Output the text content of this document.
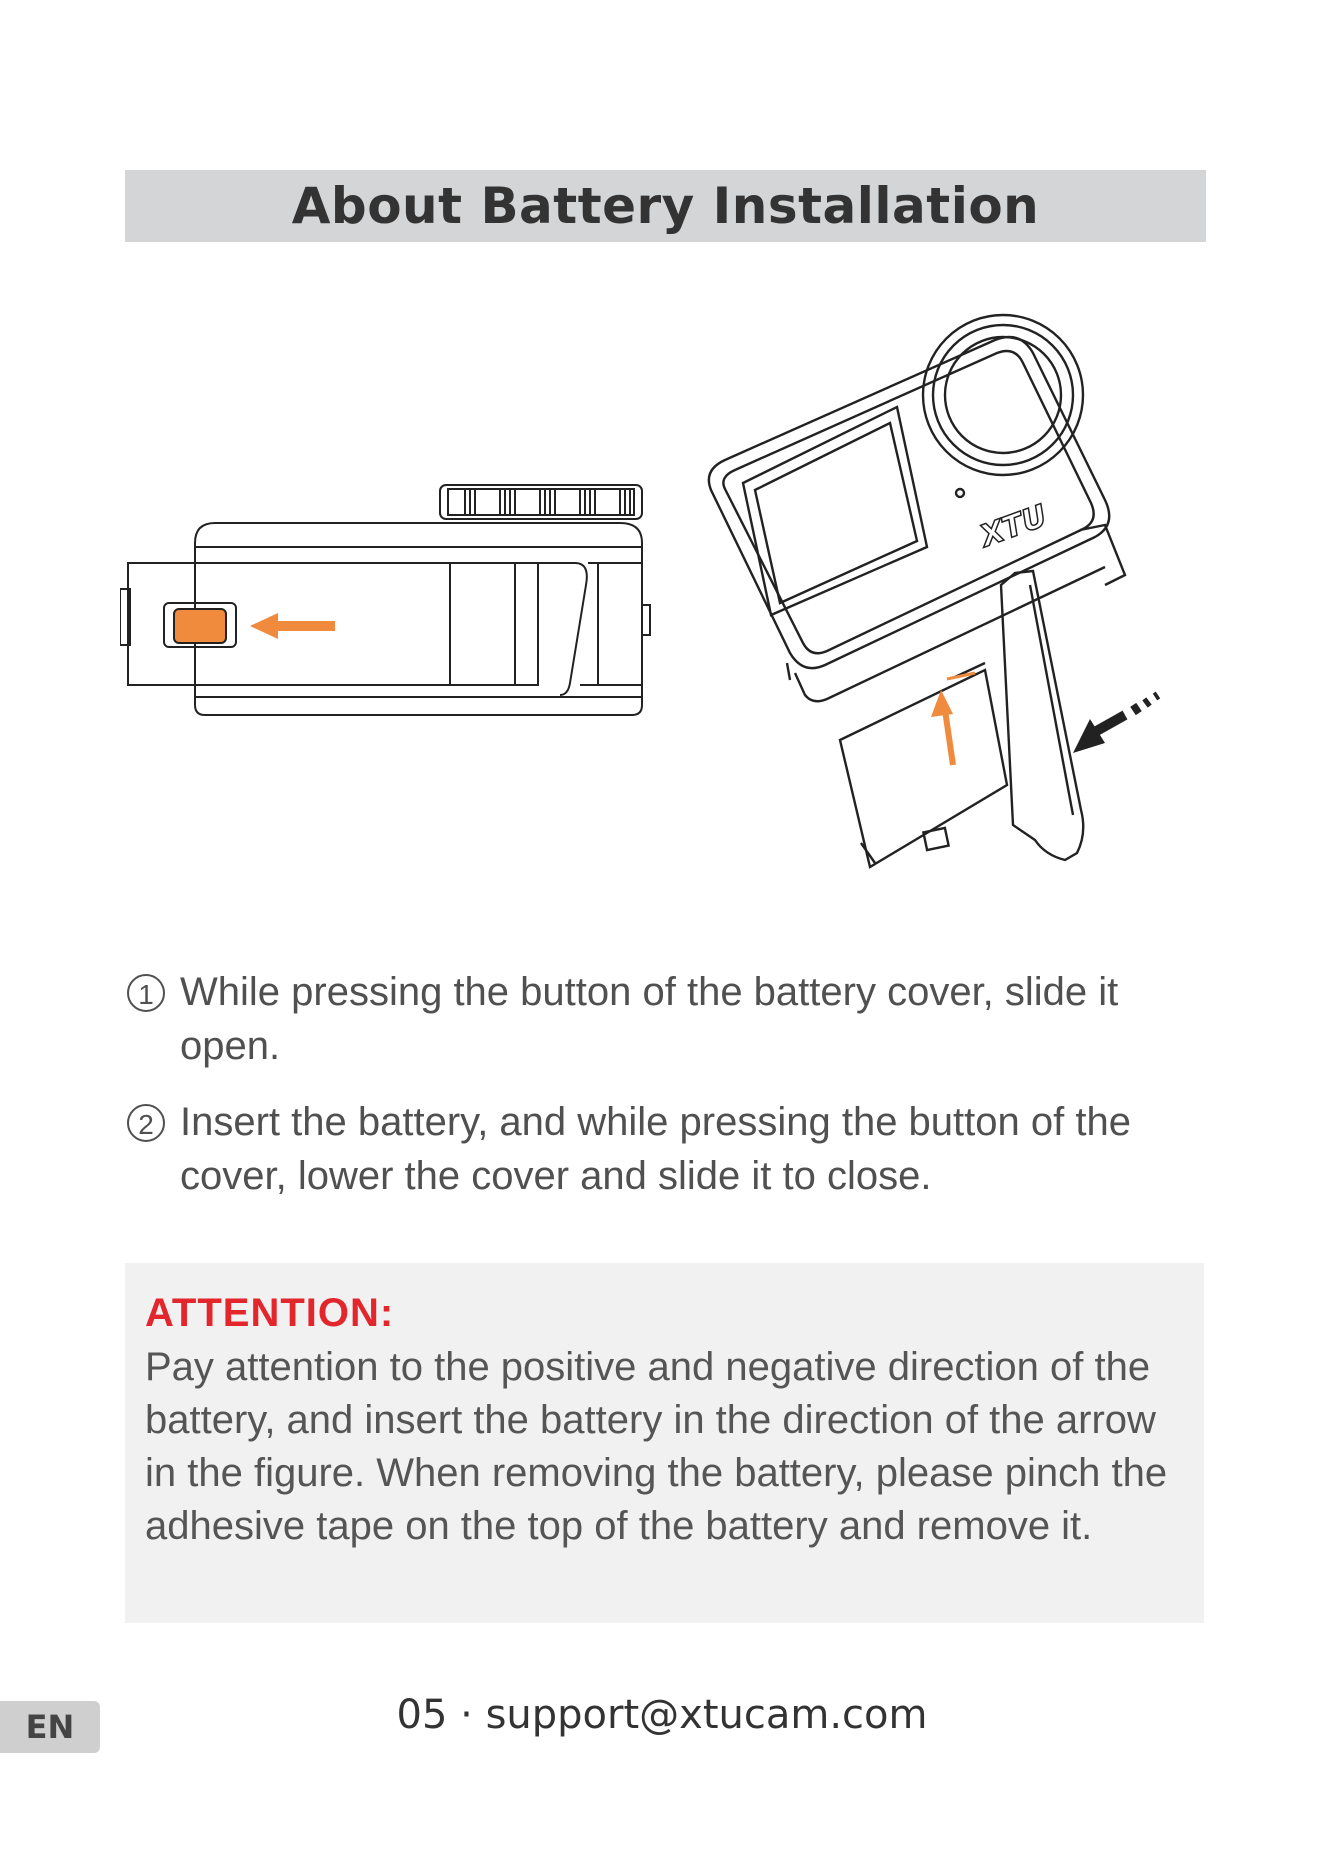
About Battery Installation
XTU
1 While pressing the button of the battery cover, slide it open.
2 Insert the battery, and while pressing the button of the cover, lower the cover and slide it to close.
ATTENTION:
Pay attention to the positive and negative direction of the battery, and insert the battery in the direction of the arrow in the figure. When removing the battery, please pinch the adhesive tape on the top of the battery and remove it.
EN	05 · support@xtucam.com
